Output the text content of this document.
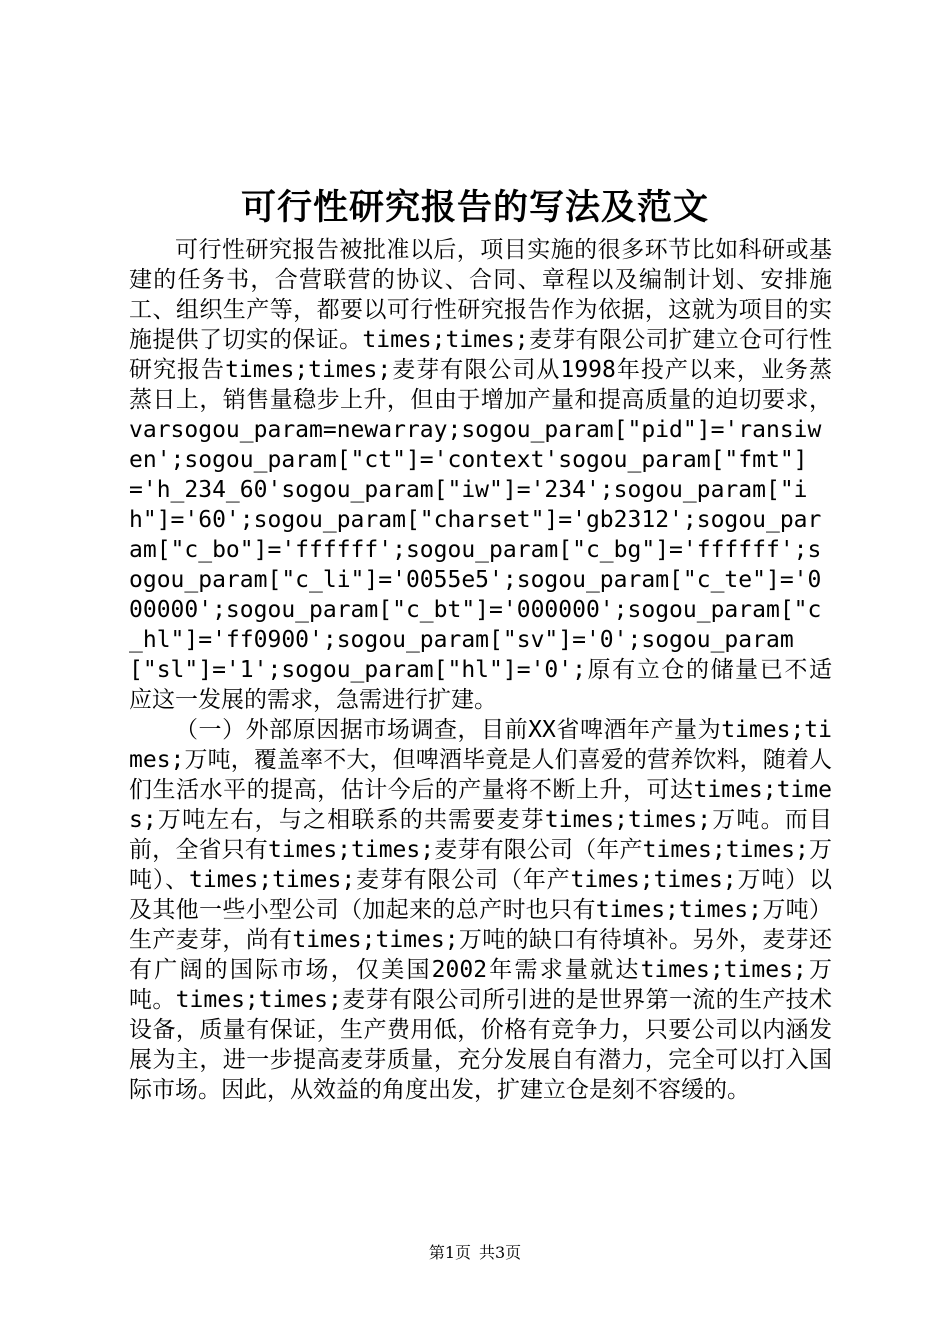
可行性研究报告的写法及范文

可行性研究报告被批准以后，项目实施的很多环节比如科研或基建的任务书，合营联营的协议、合同、章程以及编制计划、安排施工、组织生产等，都要以可行性研究报告作为依据，这就为项目的实施提供了切实的保证。times;times;麦芽有限公司扩建立仓可行性研究报告times;times;麦芽有限公司从1998年投产以来，业务蒸蒸日上，销售量稳步上升，但由于增加产量和提高质量的迫切要求，varsogou_param=newarray;sogou_param["pid"]='ransiwen';sogou_param["ct"]='context'sogou_param["fmt"]='h_234_60'sogou_param["iw"]='234';sogou_param["ih"]='60';sogou_param["charset"]='gb2312';sogou_param["c_bo"]='ffffff';sogou_param["c_bg"]='ffffff';sogou_param["c_li"]='0055e5';sogou_param["c_te"]='000000';sogou_param["c_bt"]='000000';sogou_param["c_hl"]='ff0900';sogou_param["sv"]='0';sogou_param["sl"]='1';sogou_param["hl"]='0';原有立仓的储量已不适应这一发展的需求，急需进行扩建。

（一）外部原因据市场调查，目前XX省啤酒年产量为times;times;万吨，覆盖率不大，但啤酒毕竟是人们喜爱的营养饮料，随着人们生活水平的提高，估计今后的产量将不断上升，可达times;times;万吨左右，与之相联系的共需要麦芽times;times;万吨。而目前，全省只有times;times;麦芽有限公司（年产times;times;万吨）、times;times;麦芽有限公司（年产times;times;万吨）以及其他一些小型公司（加起来的总产时也只有times;times;万吨）生产麦芽，尚有times;times;万吨的缺口有待填补。另外，麦芽还有广阔的国际市场，仅美国2002年需求量就达times;times;万吨。times;times;麦芽有限公司所引进的是世界第一流的生产技术设备，质量有保证，生产费用低，价格有竞争力，只要公司以内涵发展为主，进一步提高麦芽质量，充分发展自有潜力，完全可以打入国际市场。因此，从效益的角度出发，扩建立仓是刻不容缓的。

第1页 共3页
